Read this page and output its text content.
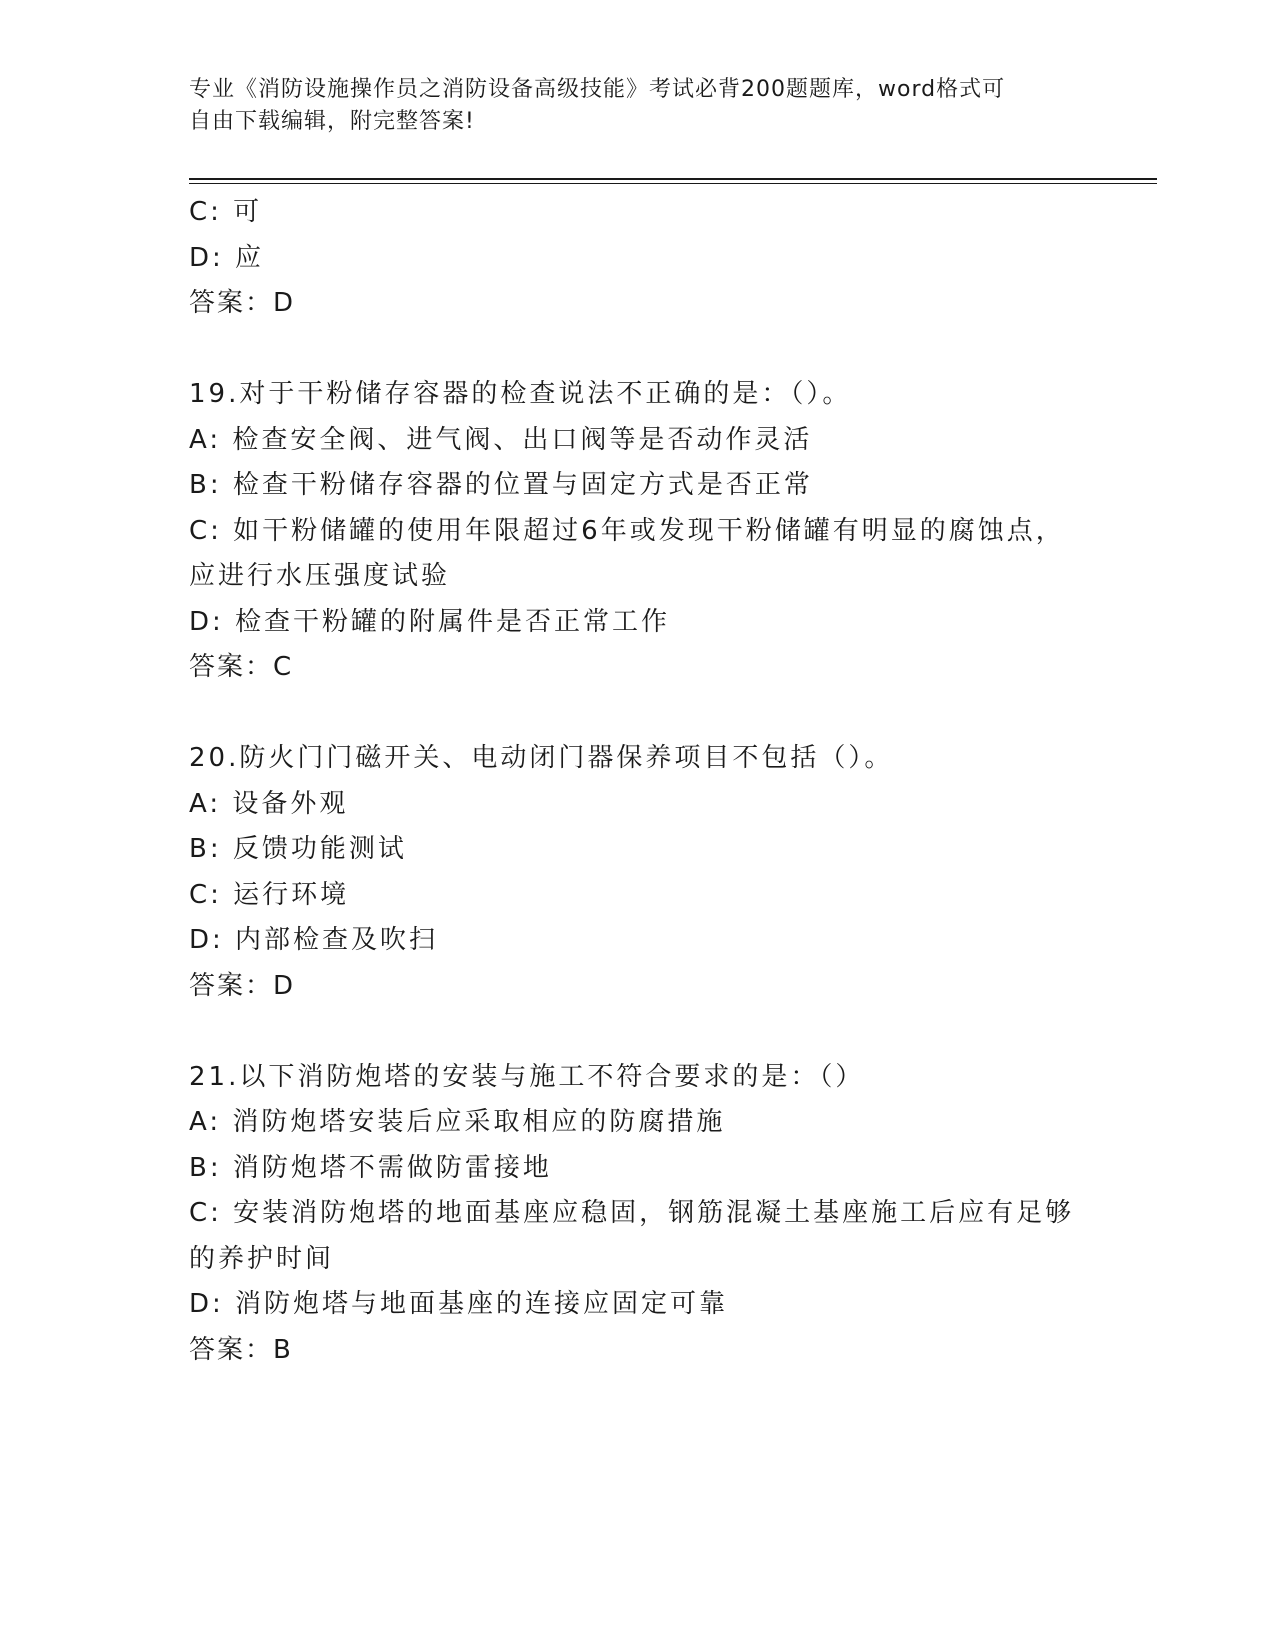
专业《消防设施操作员之消防设备高级技能》考试必背200题题库，word格式可
自由下载编辑，附完整答案!
C: 可
D: 应
答案：D
19.对于干粉储存容器的检查说法不正确的是：（）。
A: 检查安全阀、进气阀、出口阀等是否动作灵活
B: 检查干粉储存容器的位置与固定方式是否正常
C: 如干粉储罐的使用年限超过6年或发现干粉储罐有明显的腐蚀点，
应进行水压强度试验
D: 检查干粉罐的附属件是否正常工作
答案：C
20.防火门门磁开关、电动闭门器保养项目不包括（）。
A: 设备外观
B: 反馈功能测试
C: 运行环境
D: 内部检查及吹扫
答案：D
21.以下消防炮塔的安装与施工不符合要求的是：（）
A: 消防炮塔安装后应采取相应的防腐措施
B: 消防炮塔不需做防雷接地
C: 安装消防炮塔的地面基座应稳固，钢筋混凝土基座施工后应有足够
的养护时间
D: 消防炮塔与地面基座的连接应固定可靠
答案：B
